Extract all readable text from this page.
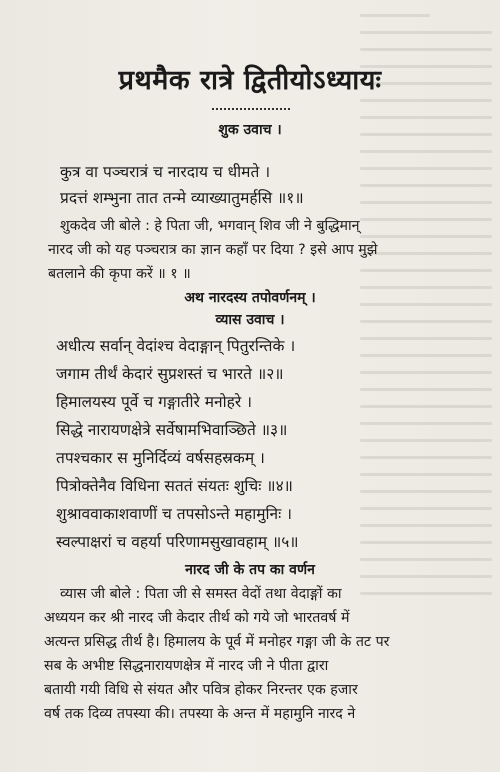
प्रथमैक रात्रे द्वितीयोऽध्यायः
शुक उवाच ।
कुत्र वा पञ्चरात्रं च नारदाय च धीमते ।
प्रदत्तं शम्भुना तात तन्मे व्याख्यातुमर्हसि ॥१॥
शुकदेव जी बोले : हे पिता जी, भगवान् शिव जी ने बुद्धिमान्
नारद जी को यह पञ्चरात्र का ज्ञान कहाँ पर दिया ? इसे आप मुझे
बतलाने की कृपा करें ॥ १ ॥
अथ नारदस्य तपोवर्णनम् ।
व्यास उवाच ।
अधीत्य सर्वान् वेदांश्च वेदाङ्गान् पितुरन्तिके ।
जगाम तीर्थं केदारं सुप्रशस्तं च भारते ॥२॥
हिमालयस्य पूर्वे च गङ्गातीरे मनोहरे ।
सिद्धे नारायणक्षेत्रे सर्वेषामभिवाञ्छिते ॥३॥
तपश्चकार स मुनिर्दिव्यं वर्षसहस्रकम् ।
पित्रोक्तेनैव विधिना सततं संयतः शुचिः ॥४॥
शुश्राववाकाशवाणीं च तपसोऽन्ते महामुनिः ।
स्वल्पाक्षरां च वहर्या परिणामसुखावहाम् ॥५॥
नारद जी के तप का वर्णन
व्यास जी बोले : पिता जी से समस्त वेदों तथा वेदाङ्गों का
अध्ययन कर श्री नारद जी केदार तीर्थ को गये जो भारतवर्ष में
अत्यन्त प्रसिद्ध तीर्थ है। हिमालय के पूर्व में मनोहर गङ्गा जी के तट पर
सब के अभीष्ट सिद्धनारायणक्षेत्र में नारद जी ने पीता द्वारा
बतायी गयी विधि से संयत और पवित्र होकर निरन्तर एक हजार
वर्ष तक दिव्य तपस्या की। तपस्या के अन्त में महामुनि नारद ने
